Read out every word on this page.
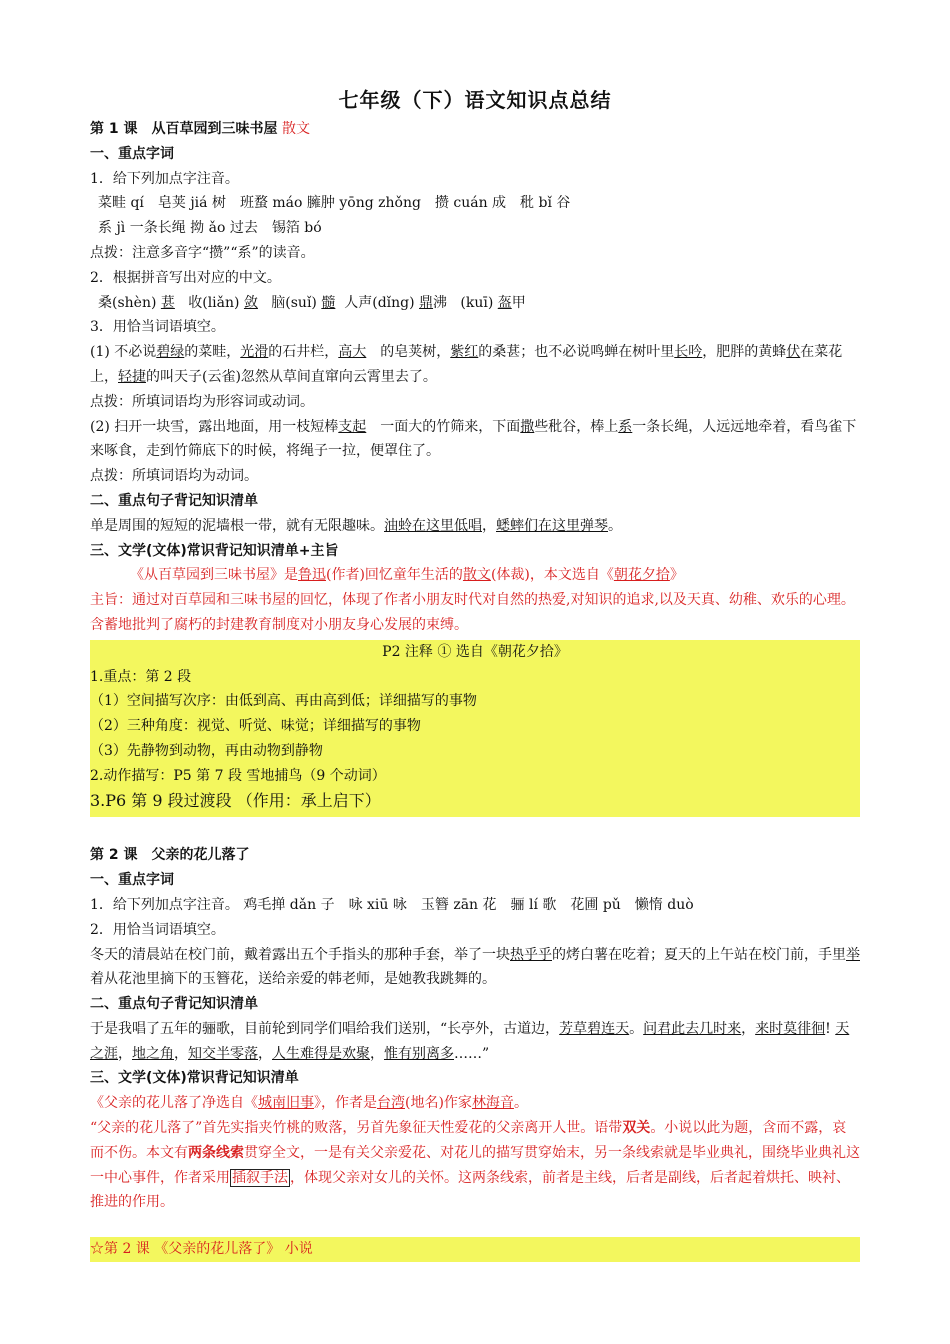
七年级（下）语文知识点总结
第 1 课　从百草园到三味书屋 散文
一、重点字词
1．给下列加点字注音。
菜畦 qí　皂荚 jiá 树　班蝥 máo 臃肿 yōng zhǒng　攒 cuán 成　秕 bǐ 谷
系 jì 一条长绳 拗 ǎo 过去　锡箔 bó
点拨：注意多音字“攒”“系”的读音。
2．根据拼音写出对应的中文。
桑(shèn) 葚   收(liǎn) 敛   脑(suǐ) 髓  人声(dǐng) 鼎沸   (kuī) 盔甲
3．用恰当词语填空。
(1) 不必说碧绿的菜畦，光滑的石井栏，高大　的皂荚树，紫红的桑葚；也不必说鸣蝉在树叶里长吟，肥胖的黄蜂伏在菜花上，轻捷的叫天子(云雀)忽然从草间直窜向云霄里去了。
点拨：所填词语均为形容词或动词。
(2) 扫开一块雪，露出地面，用一枝短棒支起　一面大的竹筛来，下面撒些秕谷，棒上系一条长绳，人远远地牵着，看鸟雀下来啄食，走到竹筛底下的时候，将绳子一拉，便罩住了。
点拨：所填词语均为动词。
二、重点句子背记知识清单
单是周围的短短的泥墙根一带，就有无限趣味。油蛉在这里低唱，蟋蟀们在这里弹琴。
三、文学(文体)常识背记知识清单+主旨
《从百草园到三味书屋》是鲁迅(作者)回忆童年生活的散文(体裁)，本文选自《朝花夕拾》
主旨：通过对百草园和三味书屋的回忆，体现了作者小朋友时代对自然的热爱,对知识的追求,以及天真、幼稚、欢乐的心理。含蓄地批判了腐朽的封建教育制度对小朋友身心发展的束缚。
P2 注释 ① 选自《朝花夕拾》
1.重点：第 2 段
（1）空间描写次序：由低到高、再由高到低；详细描写的事物
（2）三种角度：视觉、听觉、味觉；详细描写的事物
（3）先静物到动物，再由动物到静物
2.动作描写：P5 第 7 段 雪地捕鸟（9 个动词）
3.P6 第 9 段过渡段 （作用：承上启下）
第 2 课　父亲的花儿落了
一、重点字词
1．给下列加点字注音。 鸡毛掸 dǎn 子　咏 xiū 咏　玉簪 zān 花　骊 lí 歌　花圃 pǔ　懒惰 duò
2．用恰当词语填空。
冬天的清晨站在校门前，戴着露出五个手指头的那种手套，举了一块热乎乎的烤白薯在吃着；夏天的上午站在校门前，手里举着从花池里摘下的玉簪花，送给亲爱的韩老师，是她教我跳舞的。
二、重点句子背记知识清单
于是我唱了五年的骊歌，目前轮到同学们唱给我们送别，“长亭外，古道边，芳草碧连天。问君此去几时来，来时莫徘徊! 天之涯，地之角，知交半零落，人生难得是欢聚，惟有别离多……”
三、文学(文体)常识背记知识清单
《父亲的花儿落了净选自《城南旧事》，作者是台湾(地名)作家林海音。
“父亲的花儿落了”首先实指夹竹桃的败落，另首先象征天性爱花的父亲离开人世。语带双关。小说以此为题，含而不露，哀而不伤。本文有两条线索贯穿全文，一是有关父亲爱花、对花儿的描写贯穿始末，另一条线索就是毕业典礼，围绕毕业典礼这一中心事件，作者采用 插叙手法 ，体现父亲对女儿的关怀。这两条线索，前者是主线，后者是副线，后者起着烘托、映衬、推进的作用。
☆第 2 课 《父亲的花儿落了》 小说
